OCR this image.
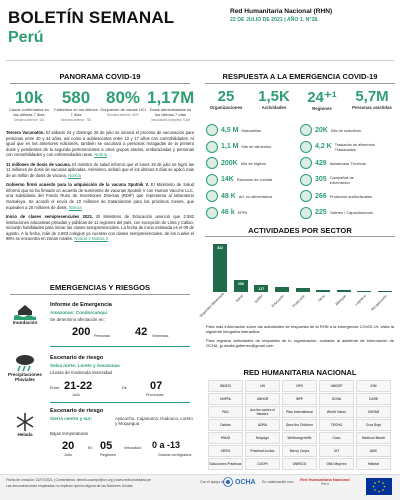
BOLETÍN SEMANAL
Perú
Red Humanitaria Nacional (RHN)
22 DE JULIO DE 2021 | AÑO 1. N°28.
PANORAMA COVID-19
10k
Casos confirmados en las últimas 7 días
Semana anterior: 11k
580
Fallecidos en los últimos 7 días
Semana anterior: 700
80%
Ocupación de camas UCI
Semana anterior: 80%
1,17M
Dosis administradas en los últimos 7 días
Vacunación completa: 5.6M

Tercera Vacunatón. El sábado 24 y domingo 25 de julio se iniciará el proceso de vacunación para personas entre 40 y 44 años, así como a adolescentes entre 12 y 17 años con comorbilidades. Al igual que en las anteriores ediciones, también se vacunará a personas rezagadas de la primera dosis y pendientes de la segunda pertenecientes a otros grupos etarios, embarazadas y personas con comorbilidades y con enfermedades raras. Noticia

11 millones de dosis de vacuna. El ministro de salud informó que el lunes 19 de julio se logró las 11 millones de dosis de vacunas aplicadas. Asimismo, señaló que el los últimos 6 días se aplicó más de un millón de dosis de vacuna. Noticia

Gobierno firmó acuerdo para la adquisición de la vacuna Sputnik V. El Ministerio de Salud informó que se ha firmado un acuerdo de suministro de vacunas Sputnik V con Human Vaccine LLC, una subsidiaria del Fondo Ruso de Inversiones Directas (RDIF) que representa al laboratorio Gamaleya. Se acordó el envío de 10 millones de tratamientos para los próximos meses, que equivalen a 20 millones de dosis. Noticia

Inicio de clases semipresenciales 2021. El Ministerio de Educación anunció que 2.582 instituciones educativas privadas y públicas de 11 regiones del país, con excepción de Lima y Callao, iniciarán habilidades para iniciar las clases semipresenciales. La fecha de inicio estimada es el 09 de agosto. A la fecha, más de 2,683 colegios ya cuentan con clases semipresenciales, de los cuales el 96% se encuentra en zonas rurales. Noticia 1 Noticia 2

RESPUESTA A LA EMERGENCIA COVID-19
25
Organizaciones
1,5K
Actividades
24⁺¹
Regiones
5,7M
Personas asistidas
4,5 M Mascarillas
1,1 M Kits de alimentos
200K Kits de higiene
14K Raciones de comida
48 K Art. no alimentarios
46 k EPPs
20K Kits de colectivos
4,2 K Traslados de alimentos Trasladados
429 Asistencias Técnicas
305 Campañas de información
266 Productos audiovisuales
225 Talleres / Capacitaciones
ACTIVIDADES POR SECTOR
822
Seguridad Alimentaria
206
Salud
117
WASH	Educación	Protección	Otros	Albergue	Logística Recuperación
Para más información sobre las actividades de respuesta de la RHN a la emergencia COVID-19, visita la siguiente infografía interactiva.
Para registrar actividades de respuesta de tu organización, contacte al asistente de información de OCHA, jp.davila.gutierrez@gmail.com
EMERGENCIAS Y RIESGOS
Inundación
Informe de Emergencia
Amazonas: Condorcanqui
Se determinó afectación en:
200 Personas 42 Viviendas
Precipitaciones Pluviales
Escenario de riesgo
Selva norte: Loreto y Amazonas
Lluvias de moderada intensidad
Entre: 21-22
Julio
De 07
Provincias
Helada
Escenario de riesgo
Sierra centro y sur:	Ayacucho, Cajamarca, Huánuco, Loreto y Moquegua
Bajas temperaturas
20
Julio
En 05
Regiones
Velocidad: 0 a -13
Grados centígrados
RED HUMANITARIA NACIONAL
INDECI	UN	OPS	UNICEF	IOM
UNFPA	UNHCR	WFP	OCHA	CARE
FAO	Acción contra el Hambre	Plan International	World Vision	OXFAM
Caritas	ADRA	Save the Children	TECHO	Cruz Roja
PNUD	HelpAge	Welthungerhilfe	Cuso	Medicus Mundi
CESVI	Practical Action	Mercy Corps	OIT	AMC
Soluciones Prácticas	COOPI	UNESCO	ONU Mujeres	Hábitat
Fecha de creación: 22/07/2021 | Comentarios: dennis.ocampo@un.org | www.redhumanitaria.pe
Las denominaciones empleadas no implican opinión alguna de las Naciones Unidas.
Con el apoyo de: OCHA En colaboración con: Red Humanitaria Nacional
Perú
